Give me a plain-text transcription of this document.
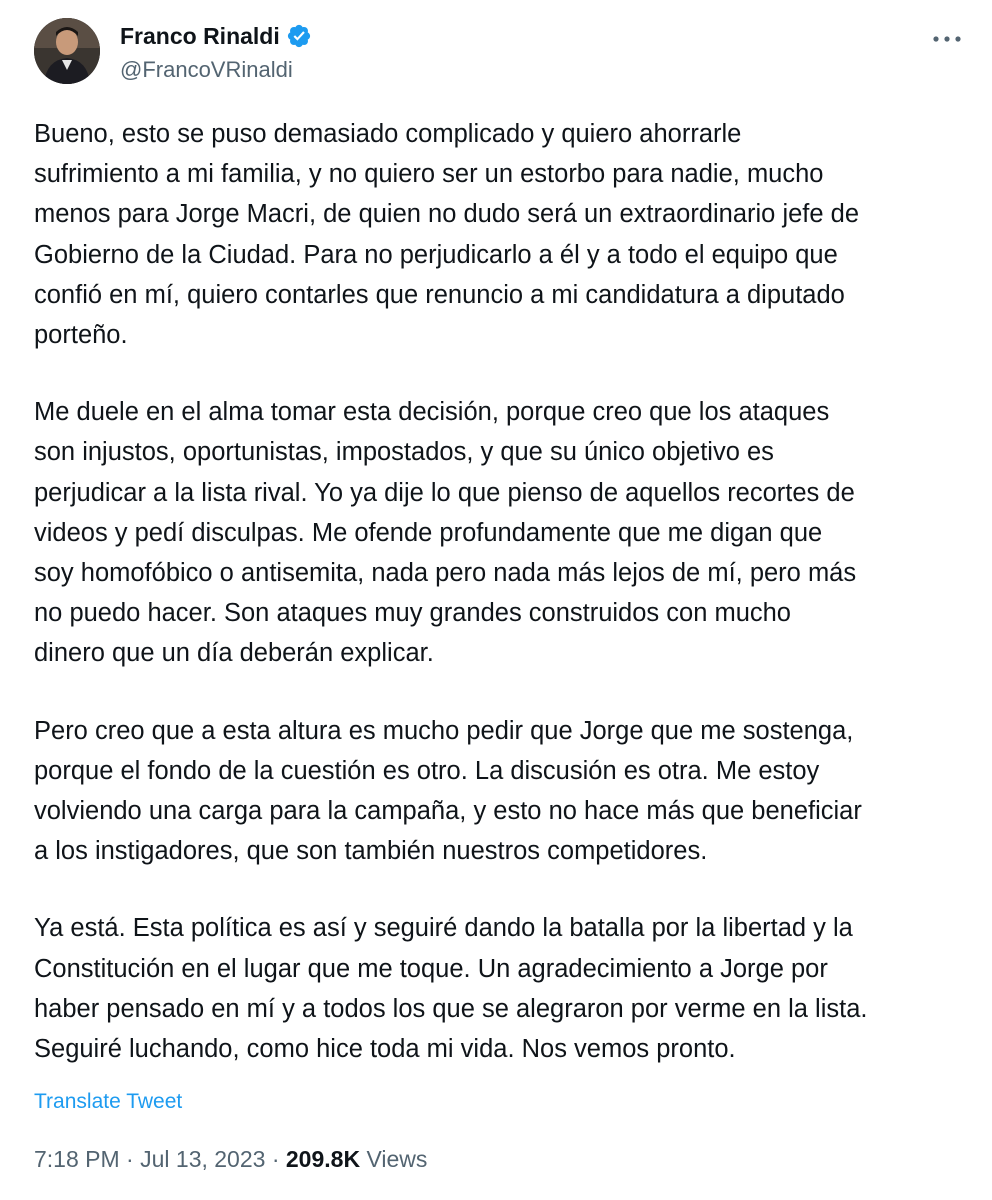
Franco Rinaldi
@FrancoVRinaldi

Bueno, esto se puso demasiado complicado y quiero ahorrarle
sufrimiento a mi familia, y no quiero ser un estorbo para nadie, mucho
menos para Jorge Macri, de quien no dudo será un extraordinario jefe de
Gobierno de la Ciudad. Para no perjudicarlo a él y a todo el equipo que
confió en mí, quiero contarles que renuncio a mi candidatura a diputado
porteño.

Me duele en el alma tomar esta decisión, porque creo que los ataques
son injustos, oportunistas, impostados, y que su único objetivo es
perjudicar a la lista rival. Yo ya dije lo que pienso de aquellos recortes de
videos y pedí disculpas. Me ofende profundamente que me digan que
soy homofóbico o antisemita, nada pero nada más lejos de mí, pero más
no puedo hacer. Son ataques muy grandes construidos con mucho
dinero que un día deberán explicar.

Pero creo que a esta altura es mucho pedir que Jorge que me sostenga,
porque el fondo de la cuestión es otro. La discusión es otra. Me estoy
volviendo una carga para la campaña, y esto no hace más que beneficiar
a los instigadores, que son también nuestros competidores.

Ya está. Esta política es así y seguiré dando la batalla por la libertad y la
Constitución en el lugar que me toque. Un agradecimiento a Jorge por
haber pensado en mí y a todos los que se alegraron por verme en la lista.
Seguiré luchando, como hice toda mi vida. Nos vemos pronto.

Translate Tweet
7:18 PM · Jul 13, 2023 · 209.8K Views
